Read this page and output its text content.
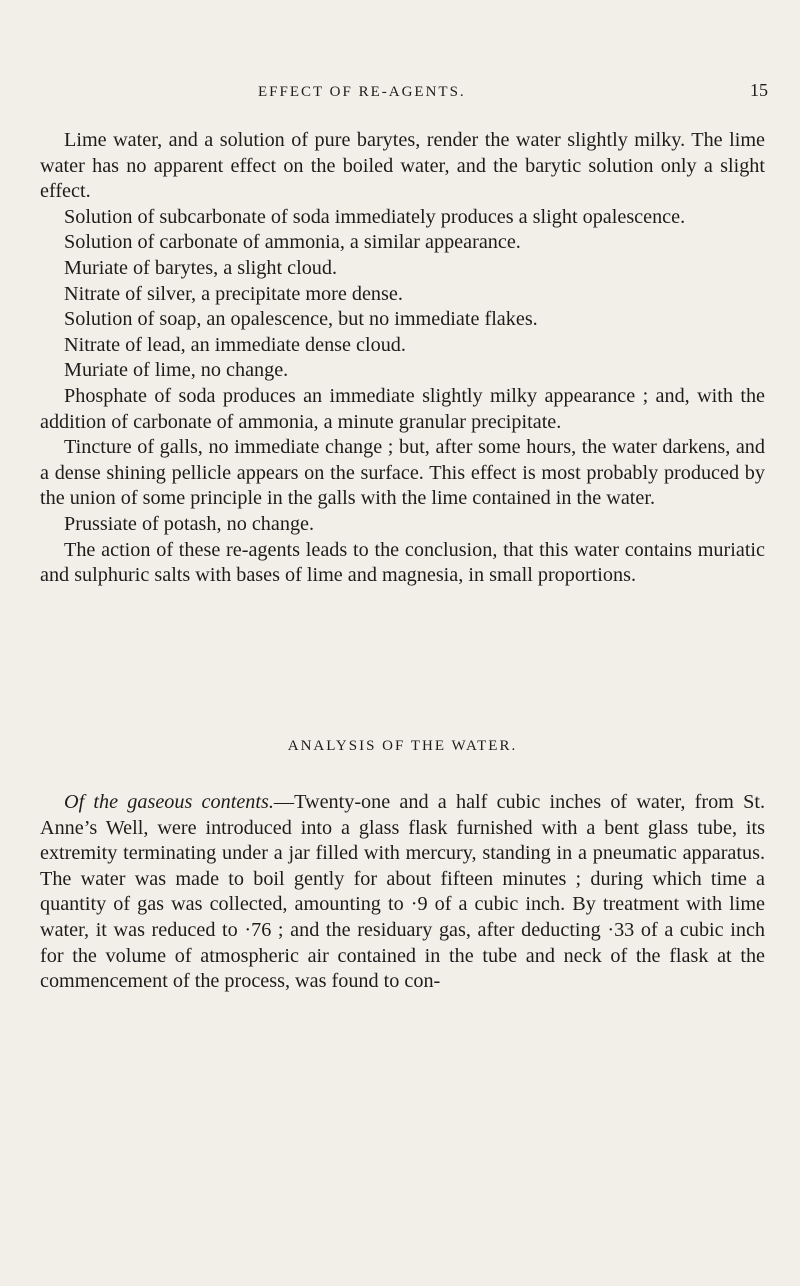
EFFECT OF RE-AGENTS.	15

Lime water, and a solution of pure barytes, render the water slightly milky. The lime water has no apparent effect on the boiled water, and the barytic solution only a slight effect.

Solution of subcarbonate of soda immediately produces a slight opalescence.

Solution of carbonate of ammonia, a similar appearance.

Muriate of barytes, a slight cloud.

Nitrate of silver, a precipitate more dense.

Solution of soap, an opalescence, but no immediate flakes.

Nitrate of lead, an immediate dense cloud.

Muriate of lime, no change.

Phosphate of soda produces an immediate slightly milky appearance ; and, with the addition of carbonate of ammonia, a minute granular precipitate.

Tincture of galls, no immediate change ; but, after some hours, the water darkens, and a dense shining pellicle appears on the surface. This effect is most probably produced by the union of some principle in the galls with the lime contained in the water.

Prussiate of potash, no change.

The action of these re-agents leads to the conclusion, that this water contains muriatic and sulphuric salts with bases of lime and magnesia, in small proportions.

ANALYSIS OF THE WATER.

Of the gaseous contents.—Twenty-one and a half cubic inches of water, from St. Anne’s Well, were introduced into a glass flask furnished with a bent glass tube, its extremity terminating under a jar filled with mercury, standing in a pneumatic apparatus. The water was made to boil gently for about fifteen minutes ; during which time a quantity of gas was collected, amounting to ·9 of a cubic inch. By treatment with lime water, it was reduced to ·76 ; and the residuary gas, after deducting ·33 of a cubic inch for the volume of atmospheric air contained in the tube and neck of the flask at the commencement of the process, was found to con-
